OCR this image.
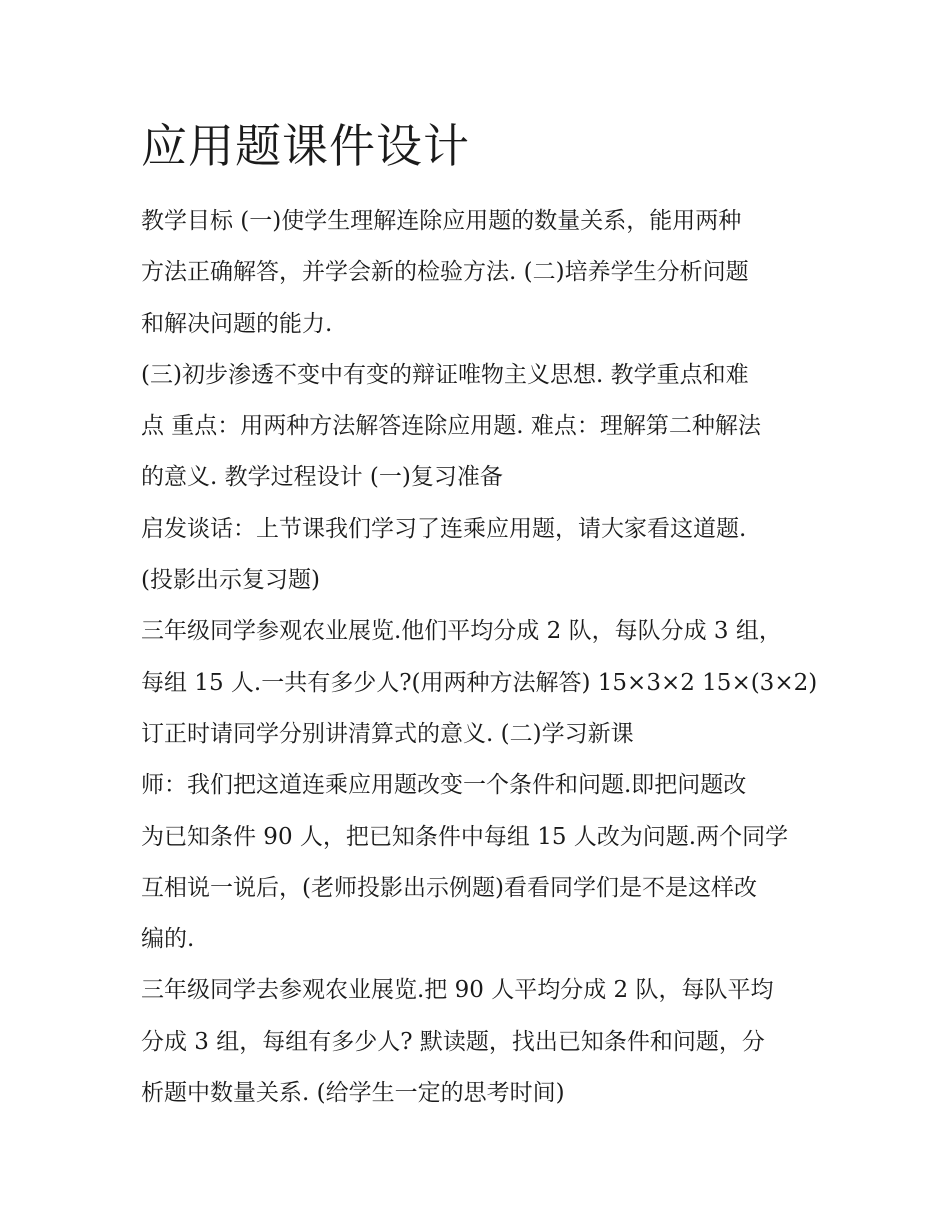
应用题课件设计
教学目标 (一)使学生理解连除应用题的数量关系，能用两种
方法正确解答，并学会新的检验方法. (二)培养学生分析问题
和解决问题的能力.
(三)初步渗透不变中有变的辩证唯物主义思想. 教学重点和难
点 重点：用两种方法解答连除应用题. 难点：理解第二种解法
的意义. 教学过程设计 (一)复习准备
启发谈话：上节课我们学习了连乘应用题，请大家看这道题.
(投影出示复习题)
三年级同学参观农业展览.他们平均分成 2 队，每队分成 3 组，
每组 15 人.一共有多少人?(用两种方法解答) 15×3×2 15×(3×2)
订正时请同学分别讲清算式的意义. (二)学习新课
师：我们把这道连乘应用题改变一个条件和问题.即把问题改
为已知条件 90 人，把已知条件中每组 15 人改为问题.两个同学
互相说一说后，(老师投影出示例题)看看同学们是不是这样改
编的.
三年级同学去参观农业展览.把 90 人平均分成 2 队，每队平均
分成 3 组，每组有多少人? 默读题，找出已知条件和问题，分
析题中数量关系. (给学生一定的思考时间)
